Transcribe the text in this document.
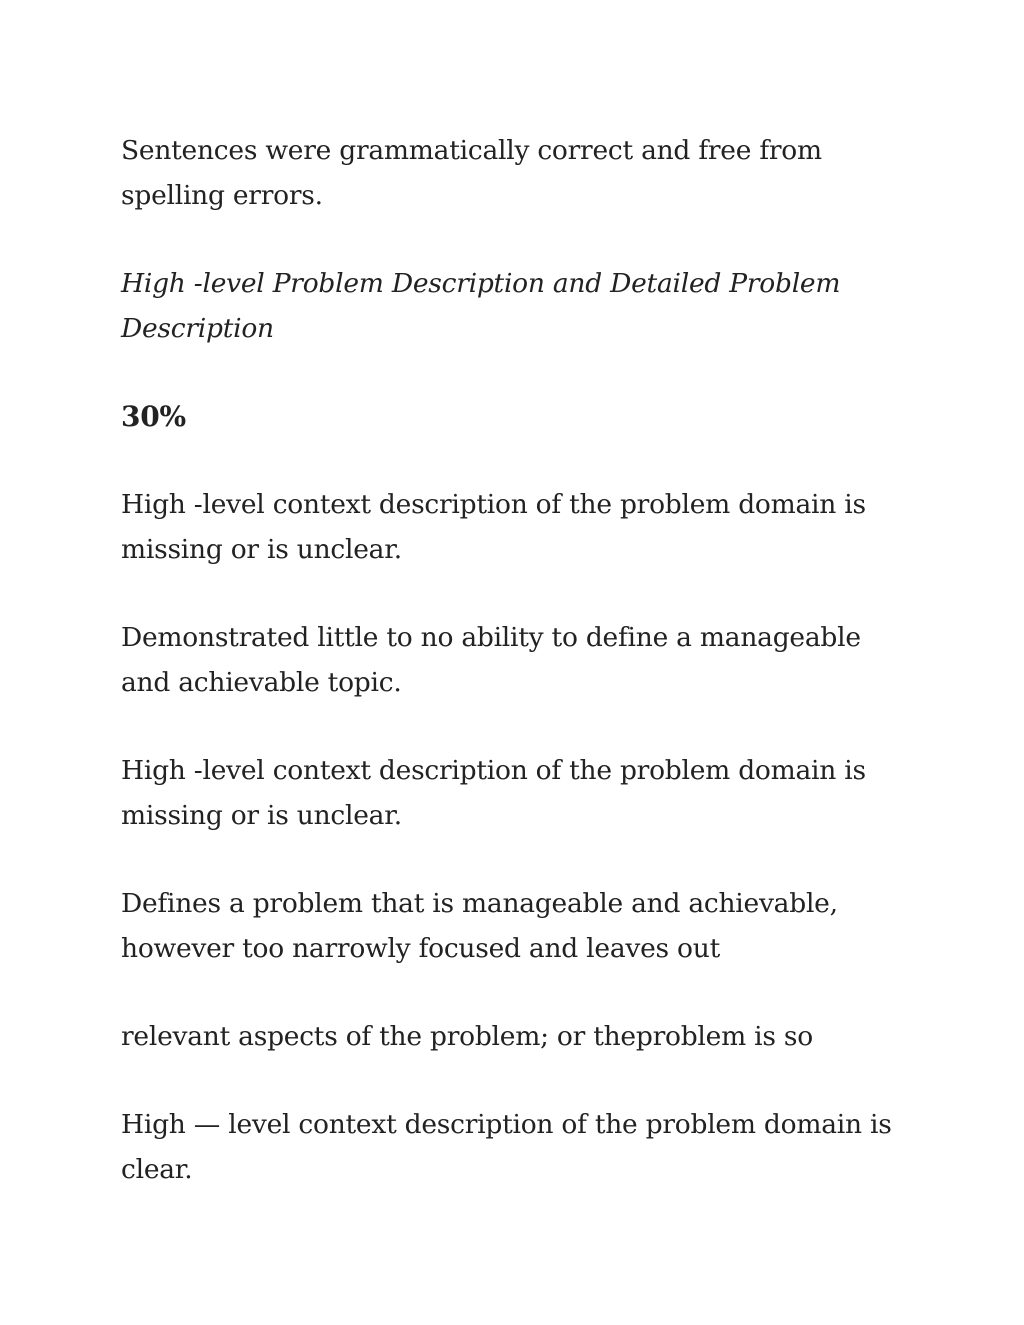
Sentences were grammatically correct and free from spelling errors.

High -level Problem Description and Detailed Problem Description

30%

High -level context description of the problem domain is missing or is unclear.

Demonstrated little to no ability to define a manageable and achievable topic.

High -level context description of the problem domain is missing or is unclear.

Defines a problem that is manageable and achievable, however too narrowly focused and leaves out

relevant aspects of the problem; or theproblem is so

High — level context description of the problem domain is clear.
